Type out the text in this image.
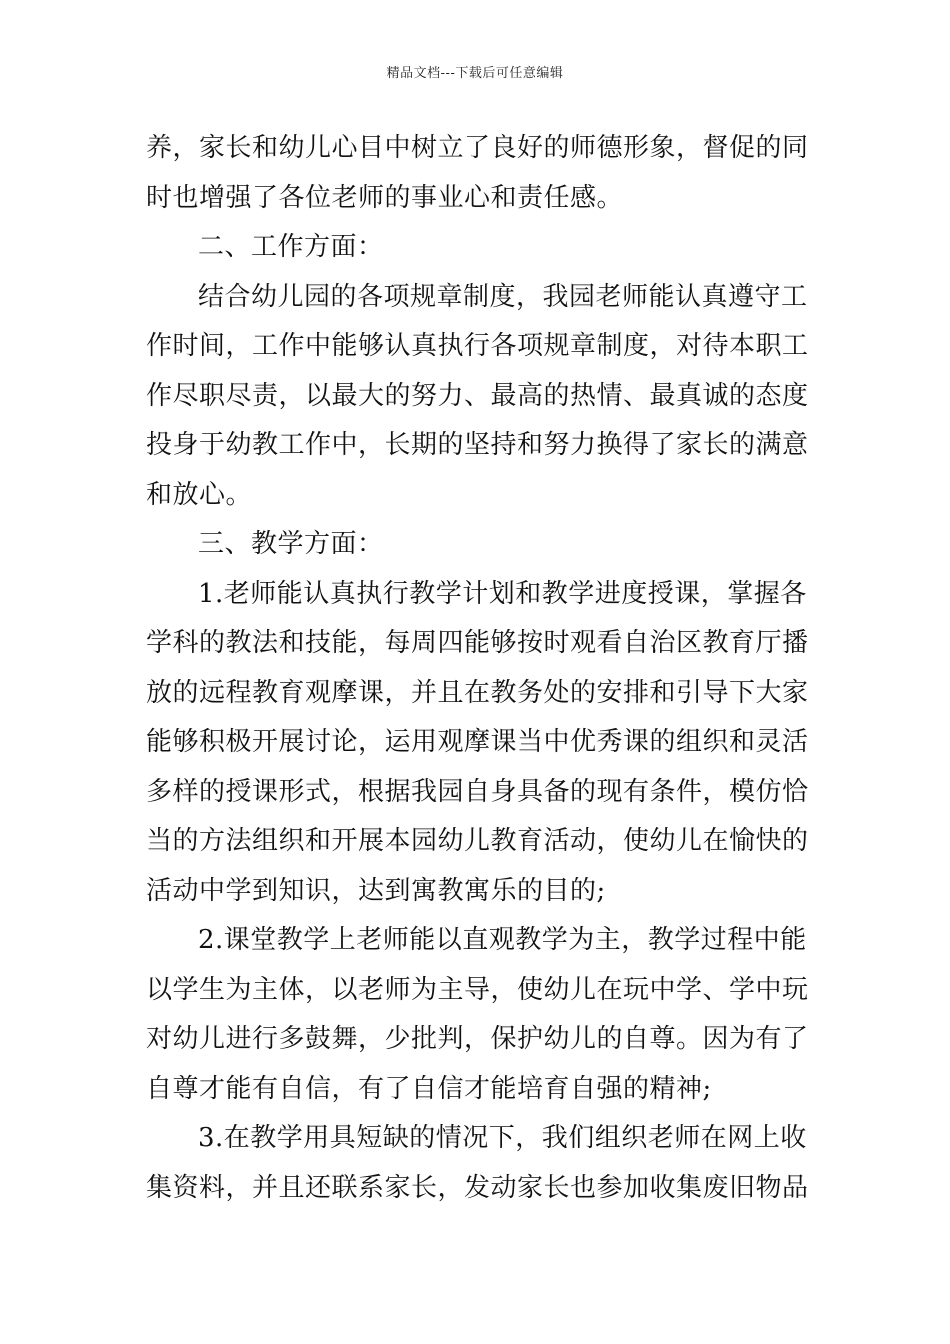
精品文档---下载后可任意编辑
养，家长和幼儿心目中树立了良好的师德形象，督促的同
时也增强了各位老师的事业心和责任感。
二、工作方面：
结合幼儿园的各项规章制度，我园老师能认真遵守工
作时间，工作中能够认真执行各项规章制度，对待本职工
作尽职尽责，以最大的努力、最高的热情、最真诚的态度
投身于幼教工作中，长期的坚持和努力换得了家长的满意
和放心。
三、教学方面：
1.老师能认真执行教学计划和教学进度授课，掌握各
学科的教法和技能，每周四能够按时观看自治区教育厅播
放的远程教育观摩课，并且在教务处的安排和引导下大家
能够积极开展讨论，运用观摩课当中优秀课的组织和灵活
多样的授课形式，根据我园自身具备的现有条件，模仿恰
当的方法组织和开展本园幼儿教育活动，使幼儿在愉快的
活动中学到知识，达到寓教寓乐的目的;
2.课堂教学上老师能以直观教学为主，教学过程中能
以学生为主体，以老师为主导，使幼儿在玩中学、学中玩
对幼儿进行多鼓舞，少批判，保护幼儿的自尊。因为有了
自尊才能有自信，有了自信才能培育自强的精神;
3.在教学用具短缺的情况下，我们组织老师在网上收
集资料，并且还联系家长，发动家长也参加收集废旧物品
